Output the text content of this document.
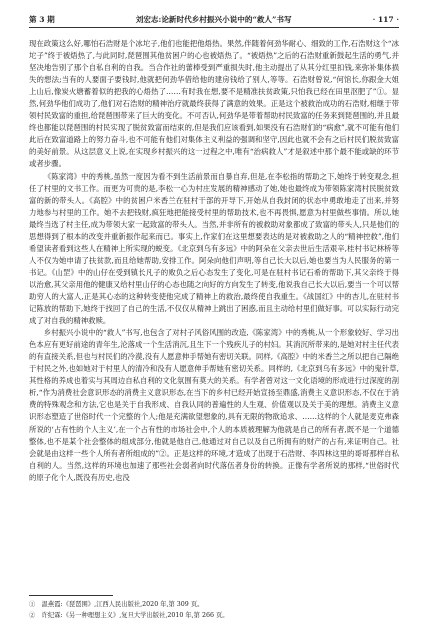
第 3 期	刘宏志:论新时代乡村振兴小说中的“救人”书写	· 117 ·

现在政策这么好,哪怕石浩财是个冰坨子,他们也能把他焐热。果然,伴随着何劲华耐心、细致的工作,石浩财这个“冰坨子”终于被焐热了,与此同时,琵琶围其他贫困户的心也被焐热了。“被焐热”之后的石浩财重新鼓起生活的勇气,并坚决地告别了那个自私自利的自我。当合作社的蕾棒受到严重损失时,他主动提出了从其分红里扣钱,来弥补集体损失的想法;当有的人要面子要钱时,他就把何劲华借给他的建房钱给了别人,等等。石浩财曾说,“何馆长,你跟金大姐上山后,像炭火塘蓄着似的把我的心焐热了……有时我在想,要不是精准扶贫政策,只怕我已经在田里沤肥了”①。显然,何劲华他们成功了,他们对石浩财的精神治疗就最终获得了满意的效果。正是这个被救治成功的石浩财,相继于带领村民致富的重担,给琵琶围带来了巨大的变化。不可否认,何劲华是带着帮助村民致富的任务来到琵琶围的,并且最终也都能以琵琶围的村民实现了脱贫致富而结束的,但是我们应该看到,如果没有石浩财们的“病愈”,就不可能有他们此后在致富道路上的努力奋斗,也不可能有他们对集体主义利益的强调和坚守,因此也就不会有之后村民们脱贫致富的美好前景。从这层意义上说,在实现乡村振兴的这一过程之中,唯有“治病救人”才是叙述中那个最不能或缺的环节或者步骤。

《陈家湾》中的秀桃,虽然一度因为看不到生活前景而自暴自弃,但是,在李松指的帮助之下,她终于转变观念,担任了村里的文书工作。而更为可贵的是,李松一心为村庄发展的精神感动了她,她也最终成为带领陈家湾村民脱贫致富的新的带头人。《高腔》中的贫困户米香兰在驻村干部的开导下,开始从自我封闭的状态中勇敢地走了出来,并努力地参与村里的工作。她不去把钱财,疯狂地把能接受村里的帮助技术,也不再畏惧,愿意为村里做些事情。所以,她最终当选了村主任,成为带领大家一起致富的带头人。当然,并非所有的被救助对象都成了致富的带头人,只是他们的思想得到了根本的改变并重新振作起来而已。事实上,作家们在这里想要表达的是对被救助之人的“精神控救”,他们希望读者看到这些人在精神上所实现的蜕变。《北京到乌有多远》中的阿朵在父亲去世后生活艰辛,桂村书记林桥等人不仅为她申请了扶贫款,而且给她帮助,安排工作。阿朵向他们声明,等自己长大以后,她也要当为人民服务的第一书记。《山罡》中的山仔在受到镇长凡子的败负之后心态发生了变化,可是在驻村书记石希的帮助下,其父亲终于得以治愈,其父亲用他的健康又给村里山仔的心态也随之向好的方向发生了转变,他说我自己长大以后,要当一个可以帮助穷人的大富人,正是其心态的这种转变使他完成了精神上的救治,最终使自我重生。《战国红》中的杏儿,在驻村书记陈放的帮助下,她终于找回了自己的生活,不仅仅从精神上跳出了困惑,而且主动给村里们做好事。可以实际行动完成了对自我的精神救赎。

乡村振兴小说中的“救人”书写,也包含了对村子风俗风围的改造,《陈家湾》中的秀桃,从一个形象较好、学习出色本应有更好前途的青年生,沦落成一个生活消沉,且生下一个残疾儿子的村妇。其消沉所带来的,是她对村主任代表的有直接关系,但也与村民们的冷漠,没有人愿意伸手帮她有密切关联。同样,《高腔》中的米香兰之所以把自己隔绝于村民之外,也如她对于村里人的清冷和没有人愿意伸手帮她有密切关系。同样的,《北京到乌有多远》中的鬼针草,其性格的养成也着实与其周边自私自利的文化氛围有莫大的关系。有学者曾对这一文化语境的形成进行过深度的剖析,“作为消费社会意识形态的消费主义意识形态,在当下的乡村已经开始宣扬至鼎盛,消费主义意识形态,不仅在于消费的特殊观念和方法,它也是关于自我形成、自我认同的普遍性的人生观、价值观以及关于美的理想。消费主义意识形态塑造了世俗时代一个完整的个人;他是充满欲望想象的,具有无限的物欲追求、……这样的个人就是麦克弗森所说的‘占有性的个人主义’,在一个占有性的市场社会中,个人的本质被理解为他就是自己的所有者,既不是一个道德整体,也不是某个社会整体的组成部分,他就是他自己,他通过对自己以及自己所拥有的财产的占有,来证明自己。社会就是由这样一些个人所有者所组成的”②。正是这样的环境,才造成了出现于石浩财、李四林这里的哥哥那样自私自利的人。当然,这样的环境也加速了那些社会弱者向时代落伍者身份的转换。正像有学者所说的那样,“世俗时代的原子化个人,既没有历史,也没

①　温燕霞:《琵琶围》,江西人民出版社,2020 年,第 309 页。
②　许纪霖:《另一种理想主义》,复旦大学出版社,2010 年,第 266 页。
